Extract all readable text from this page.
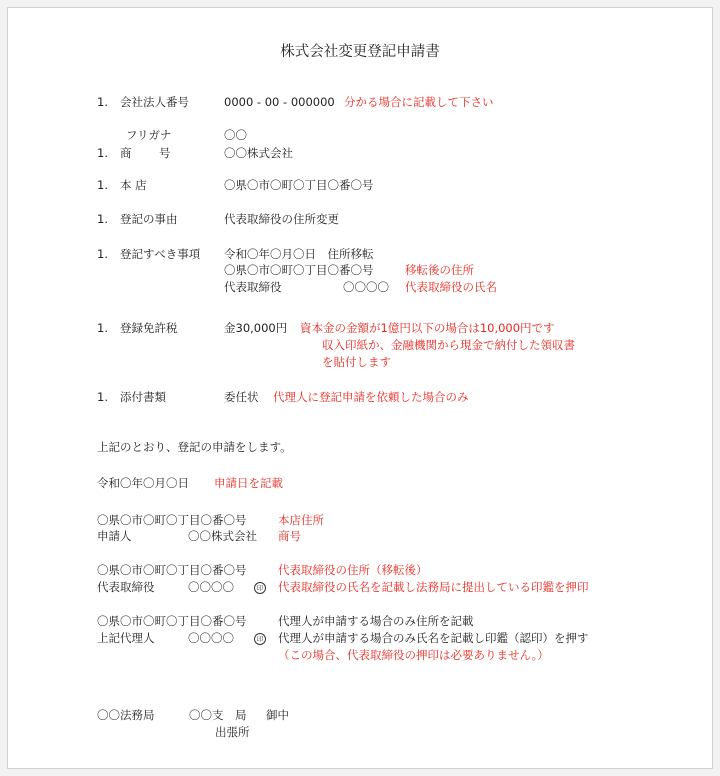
株式会社変更登記申請書
1. 会社法人番号	0000 - 00 - 000000 分かる場合に記載して下さい
フリガナ	〇〇
1. 商 号	〇〇株式会社
1. 本 店	〇県〇市〇町〇丁目〇番〇号
1. 登記の事由	代表取締役の住所変更
1. 登記すべき事項 令和〇年〇月〇日　住所移転
〇県〇市〇町〇丁目〇番〇号	移転後の住所
代表取締役	〇〇〇〇 代表取締役の氏名
1. 登録免許税	金30,000円 資本金の金額が1億円以下の場合は10,000円です
収入印紙か、金融機関から現金で納付した領収書
を貼付します
1. 添付書類	委任状 代理人に登記申請を依頼した場合のみ
上記のとおり、登記の申請をします。
令和〇年〇月〇日 申請日を記載
〇県〇市〇町〇丁目〇番〇号	本店住所
申請人	〇〇株式会社 商号
〇県〇市〇町〇丁目〇番〇号	代表取締役の住所（移転後）
代表取締役	〇〇〇〇	印 代表取締役の氏名を記載し法務局に提出している印鑑を押印
〇県〇市〇町〇丁目〇番〇号	代理人が申請する場合のみ住所を記載
上記代理人	〇〇〇〇	印 代理人が申請する場合のみ氏名を記載し印鑑（認印）を押す
（この場合、代表取締役の押印は必要ありません。）
〇〇法務局	〇〇支　局 御中
出張所
